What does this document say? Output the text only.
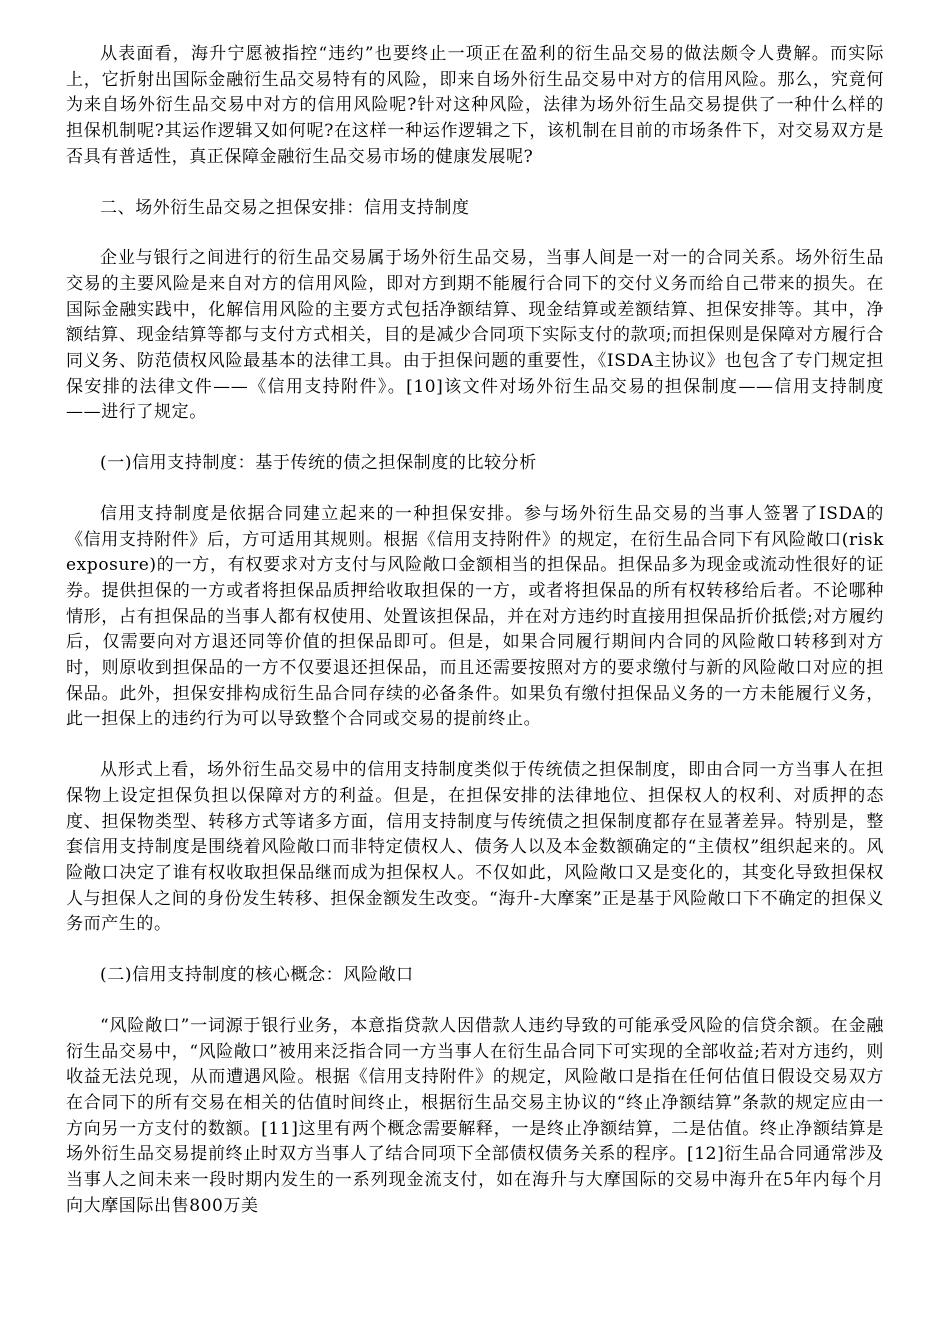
从表面看，海升宁愿被指控“违约”也要终止一项正在盈利的衍生品交易的做法颇令人费解。而实际上，它折射出国际金融衍生品交易特有的风险，即来自场外衍生品交易中对方的信用风险。那么，究竟何为来自场外衍生品交易中对方的信用风险呢?针对这种风险，法律为场外衍生品交易提供了一种什么样的担保机制呢?其运作逻辑又如何呢?在这样一种运作逻辑之下，该机制在目前的市场条件下，对交易双方是否具有普适性，真正保障金融衍生品交易市场的健康发展呢?

二、场外衍生品交易之担保安排：信用支持制度

企业与银行之间进行的衍生品交易属于场外衍生品交易，当事人间是一对一的合同关系。场外衍生品交易的主要风险是来自对方的信用风险，即对方到期不能履行合同下的交付义务而给自己带来的损失。在国际金融实践中，化解信用风险的主要方式包括净额结算、现金结算或差额结算、担保安排等。其中，净额结算、现金结算等都与支付方式相关，目的是减少合同项下实际支付的款项;而担保则是保障对方履行合同义务、防范债权风险最基本的法律工具。由于担保问题的重要性，《ISDA主协议》也包含了专门规定担保安排的法律文件——《信用支持附件》。[10]该文件对场外衍生品交易的担保制度——信用支持制度——进行了规定。

(一)信用支持制度：基于传统的债之担保制度的比较分析

信用支持制度是依据合同建立起来的一种担保安排。参与场外衍生品交易的当事人签署了ISDA的《信用支持附件》后，方可适用其规则。根据《信用支持附件》的规定，在衍生品合同下有风险敞口(risk exposure)的一方，有权要求对方支付与风险敞口金额相当的担保品。担保品多为现金或流动性很好的证券。提供担保的一方或者将担保品质押给收取担保的一方，或者将担保品的所有权转移给后者。不论哪种情形，占有担保品的当事人都有权使用、处置该担保品，并在对方违约时直接用担保品折价抵偿;对方履约后，仅需要向对方退还同等价值的担保品即可。但是，如果合同履行期间内合同的风险敞口转移到对方时，则原收到担保品的一方不仅要退还担保品，而且还需要按照对方的要求缴付与新的风险敞口对应的担保品。此外，担保安排构成衍生品合同存续的必备条件。如果负有缴付担保品义务的一方未能履行义务，此一担保上的违约行为可以导致整个合同或交易的提前终止。

从形式上看，场外衍生品交易中的信用支持制度类似于传统债之担保制度，即由合同一方当事人在担保物上设定担保负担以保障对方的利益。但是，在担保安排的法律地位、担保权人的权利、对质押的态度、担保物类型、转移方式等诸多方面，信用支持制度与传统债之担保制度都存在显著差异。特别是，整套信用支持制度是围绕着风险敞口而非特定债权人、债务人以及本金数额确定的“主债权”组织起来的。风险敞口决定了谁有权收取担保品继而成为担保权人。不仅如此，风险敞口又是变化的，其变化导致担保权人与担保人之间的身份发生转移、担保金额发生改变。“海升-大摩案”正是基于风险敞口下不确定的担保义务而产生的。

(二)信用支持制度的核心概念：风险敞口

“风险敞口”一词源于银行业务，本意指贷款人因借款人违约导致的可能承受风险的信贷余额。在金融衍生品交易中，“风险敞口”被用来泛指合同一方当事人在衍生品合同下可实现的全部收益;若对方违约，则收益无法兑现，从而遭遇风险。根据《信用支持附件》的规定，风险敞口是指在任何估值日假设交易双方在合同下的所有交易在相关的估值时间终止，根据衍生品交易主协议的“终止净额结算”条款的规定应由一方向另一方支付的数额。[11]这里有两个概念需要解释，一是终止净额结算，二是估值。终止净额结算是场外衍生品交易提前终止时双方当事人了结合同项下全部债权债务关系的程序。[12]衍生品合同通常涉及当事人之间未来一段时期内发生的一系列现金流支付，如在海升与大摩国际的交易中海升在5年内每个月向大摩国际出售800万美
